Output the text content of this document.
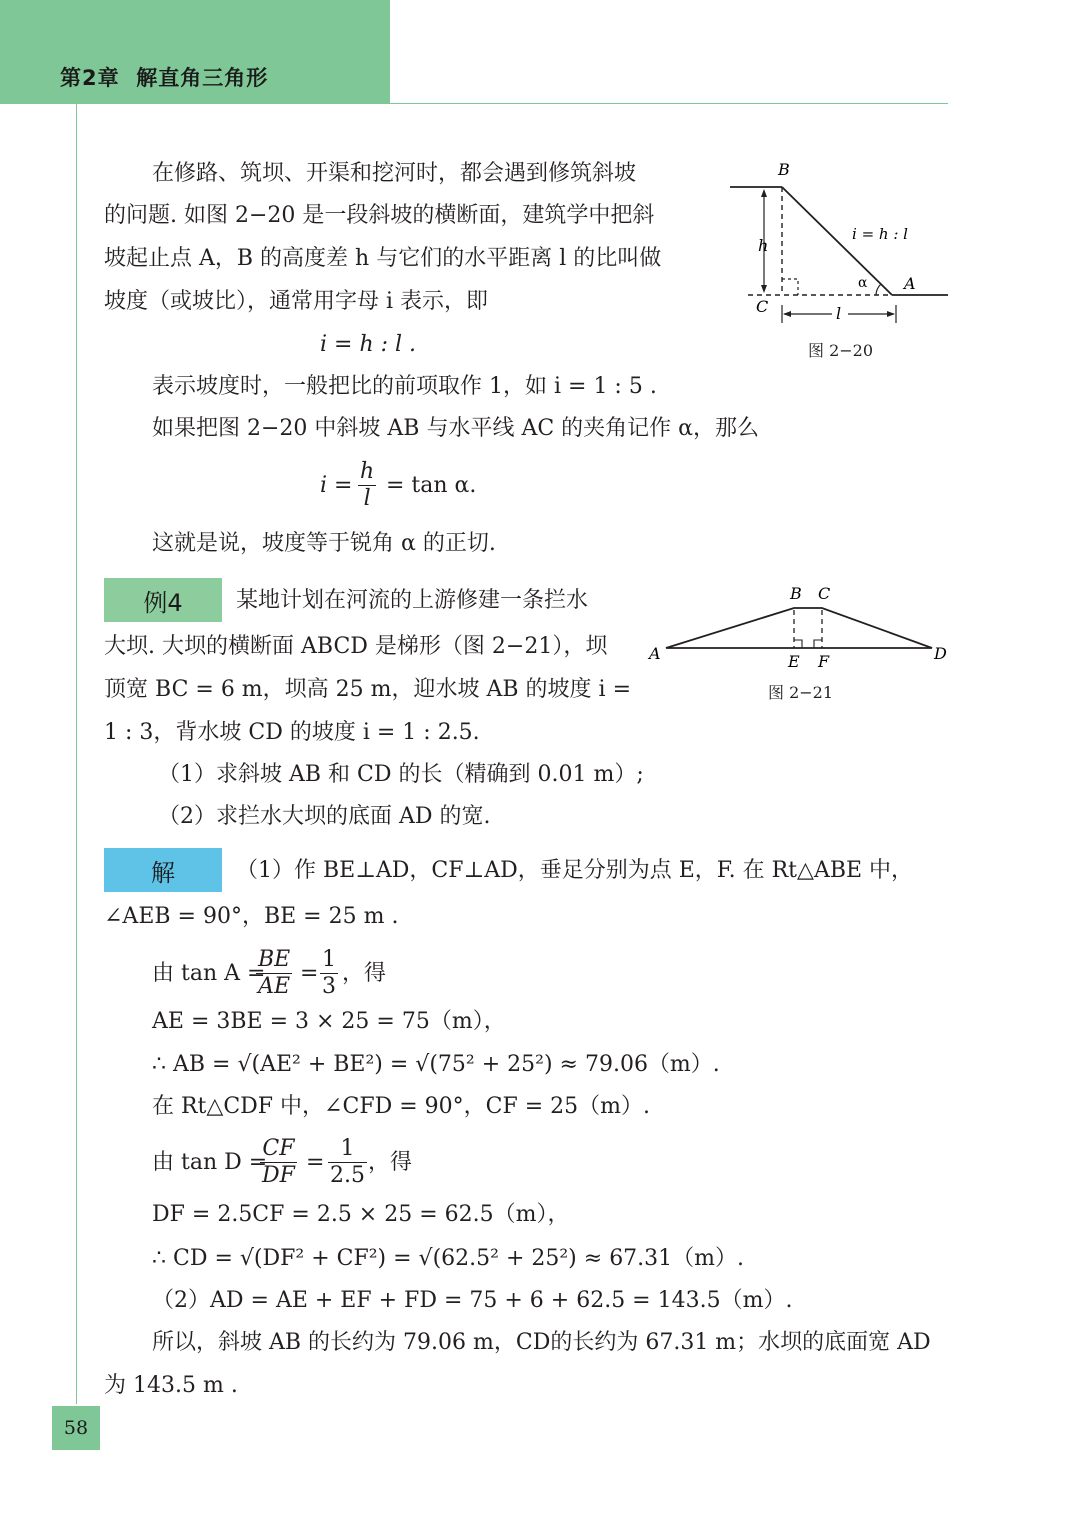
第2章  解直角三角形
在修路、筑坝、开渠和挖河时，都会遇到修筑斜坡
的问题. 如图 2−20 是一段斜坡的横断面，建筑学中把斜
坡起止点 A，B 的高度差 h 与它们的水平距离 l 的比叫做
坡度（或坡比），通常用字母 i 表示，即
i = h : l .
表示坡度时，一般把比的前项取作 1，如 i = 1 : 5 .
如果把图 2−20 中斜坡 AB 与水平线 AC 的夹角记作 α，那么
$i = \frac{h}{l} = \tan \alpha$.
这就是说，坡度等于锐角 α 的正切.
B
A
C
h
l
α
i = h : l
图 2−20
例4	某地计划在河流的上游修建一条拦水
大坝. 大坝的横断面 ABCD 是梯形（图 2−21），坝
顶宽 BC = 6 m，坝高 25 m，迎水坡 AB 的坡度 i =
1 : 3，背水坡 CD 的坡度 i = 1 : 2.5.
（1）求斜坡 AB 和 CD 的长（精确到 0.01 m）;
（2）求拦水大坝的底面 AD 的宽.
B C
A	D
E F
图 2−21
解	（1）作 BE⊥AD，CF⊥AD，垂足分别为点 E，F. 在 Rt△ABE 中，
∠AEB = 90°，BE = 25 m .
由 tan A =
$\frac{BE}{AE} = \frac{1}{3}$ ，得
AE = 3BE = 3 × 25 = 75（m），
∴ AB = √(AE² + BE²) = √(75² + 25²) ≈ 79.06（m）.
在 Rt△CDF 中，∠CFD = 90°，CF = 25（m）.
由 tan D =
$\frac{CF}{DF} = \frac{1}{2.5}$ ，得
DF = 2.5CF = 2.5 × 25 = 62.5（m），
∴ CD = √(DF² + CF²) = √(62.5² + 25²) ≈ 67.31（m）.
（2）AD = AE + EF + FD = 75 + 6 + 62.5 = 143.5（m）.
所以，斜坡 AB 的长约为 79.06 m，CD的长约为 67.31 m；水坝的底面宽 AD
为 143.5 m .
58
